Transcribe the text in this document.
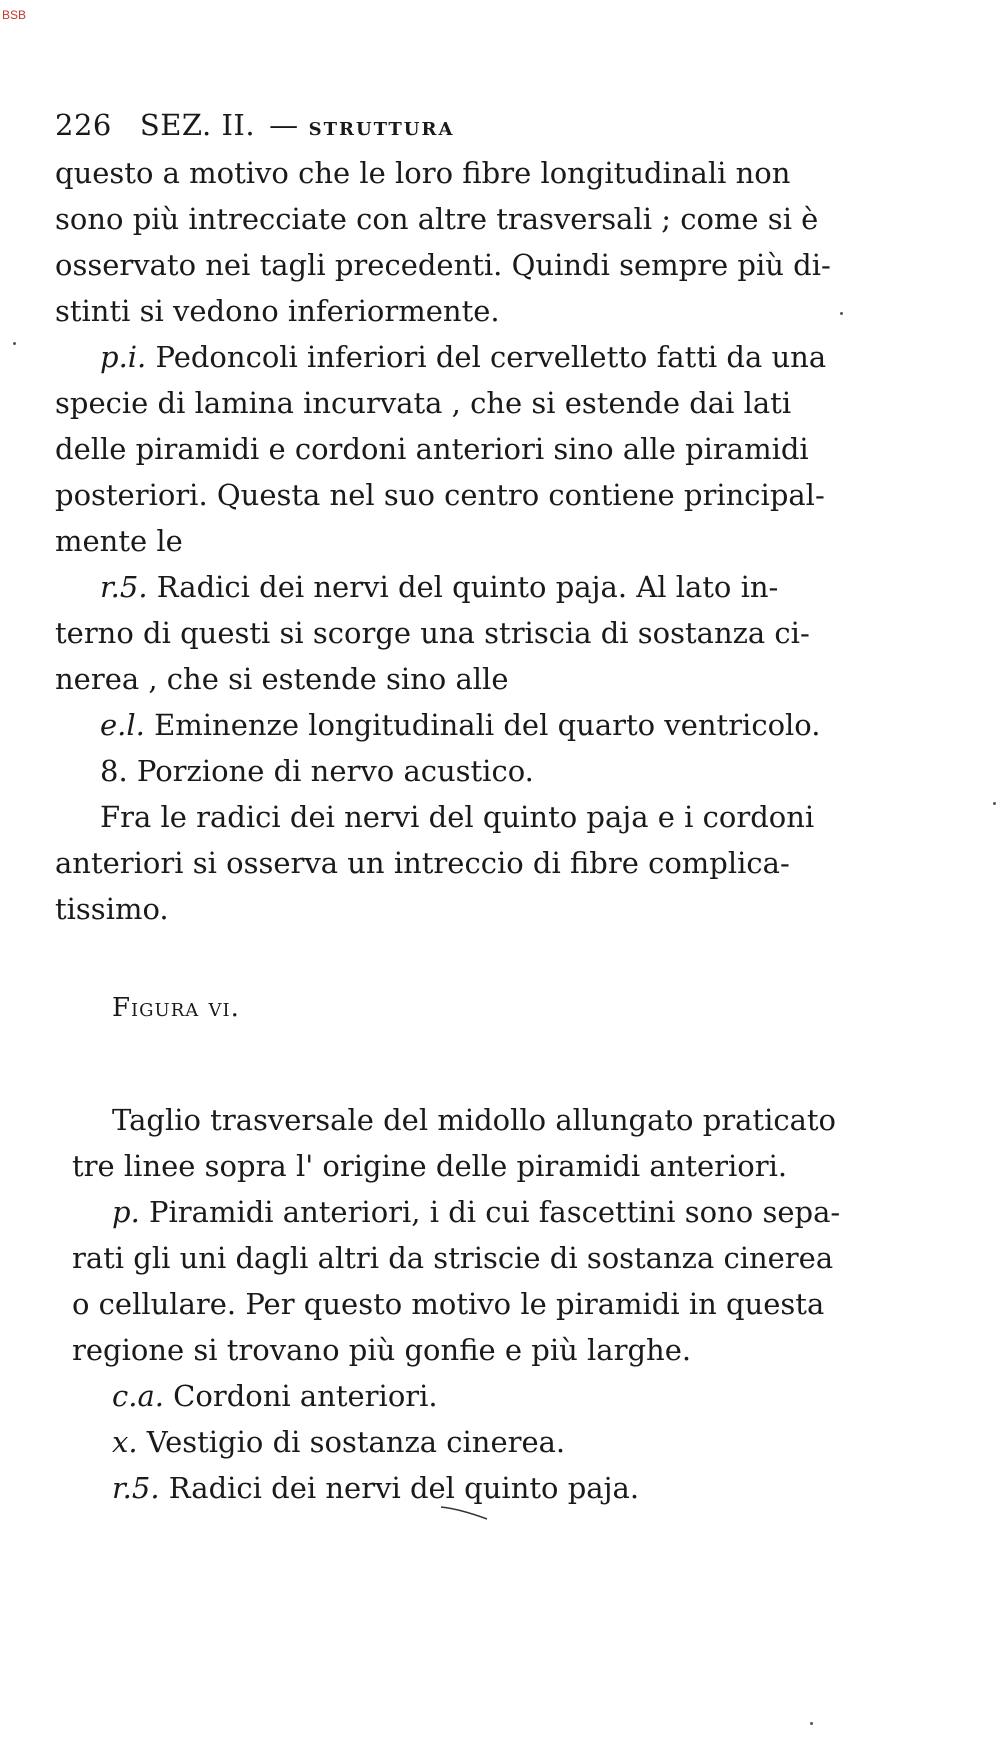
BSB
226 SEZ. II. — STRUTTURA
questo a motivo che le loro fibre longitudinali non
sono più intrecciate con altre trasversali ; come si è
osservato nei tagli precedenti. Quindi sempre più di-
stinti si vedono inferiormente.
p.i. Pedoncoli inferiori del cervelletto fatti da una
specie di lamina incurvata , che si estende dai lati
delle piramidi e cordoni anteriori sino alle piramidi
posteriori. Questa nel suo centro contiene principal-
mente le
r.5. Radici dei nervi del quinto paja. Al lato in-
terno di questi si scorge una striscia di sostanza ci-
nerea , che si estende sino alle
e.l. Eminenze longitudinali del quarto ventricolo.
8. Porzione di nervo acustico.
Fra le radici dei nervi del quinto paja e i cordoni
anteriori si osserva un intreccio di fibre complica-
tissimo.
Figura vi.
Taglio trasversale del midollo allungato praticato
tre linee sopra l' origine delle piramidi anteriori.
p. Piramidi anteriori, i di cui fascettini sono sepa-
rati gli uni dagli altri da striscie di sostanza cinerea
o cellulare. Per questo motivo le piramidi in questa
regione si trovano più gonfie e più larghe.
c.a. Cordoni anteriori.
x. Vestigio di sostanza cinerea.
r.5. Radici dei nervi del quinto paja.
